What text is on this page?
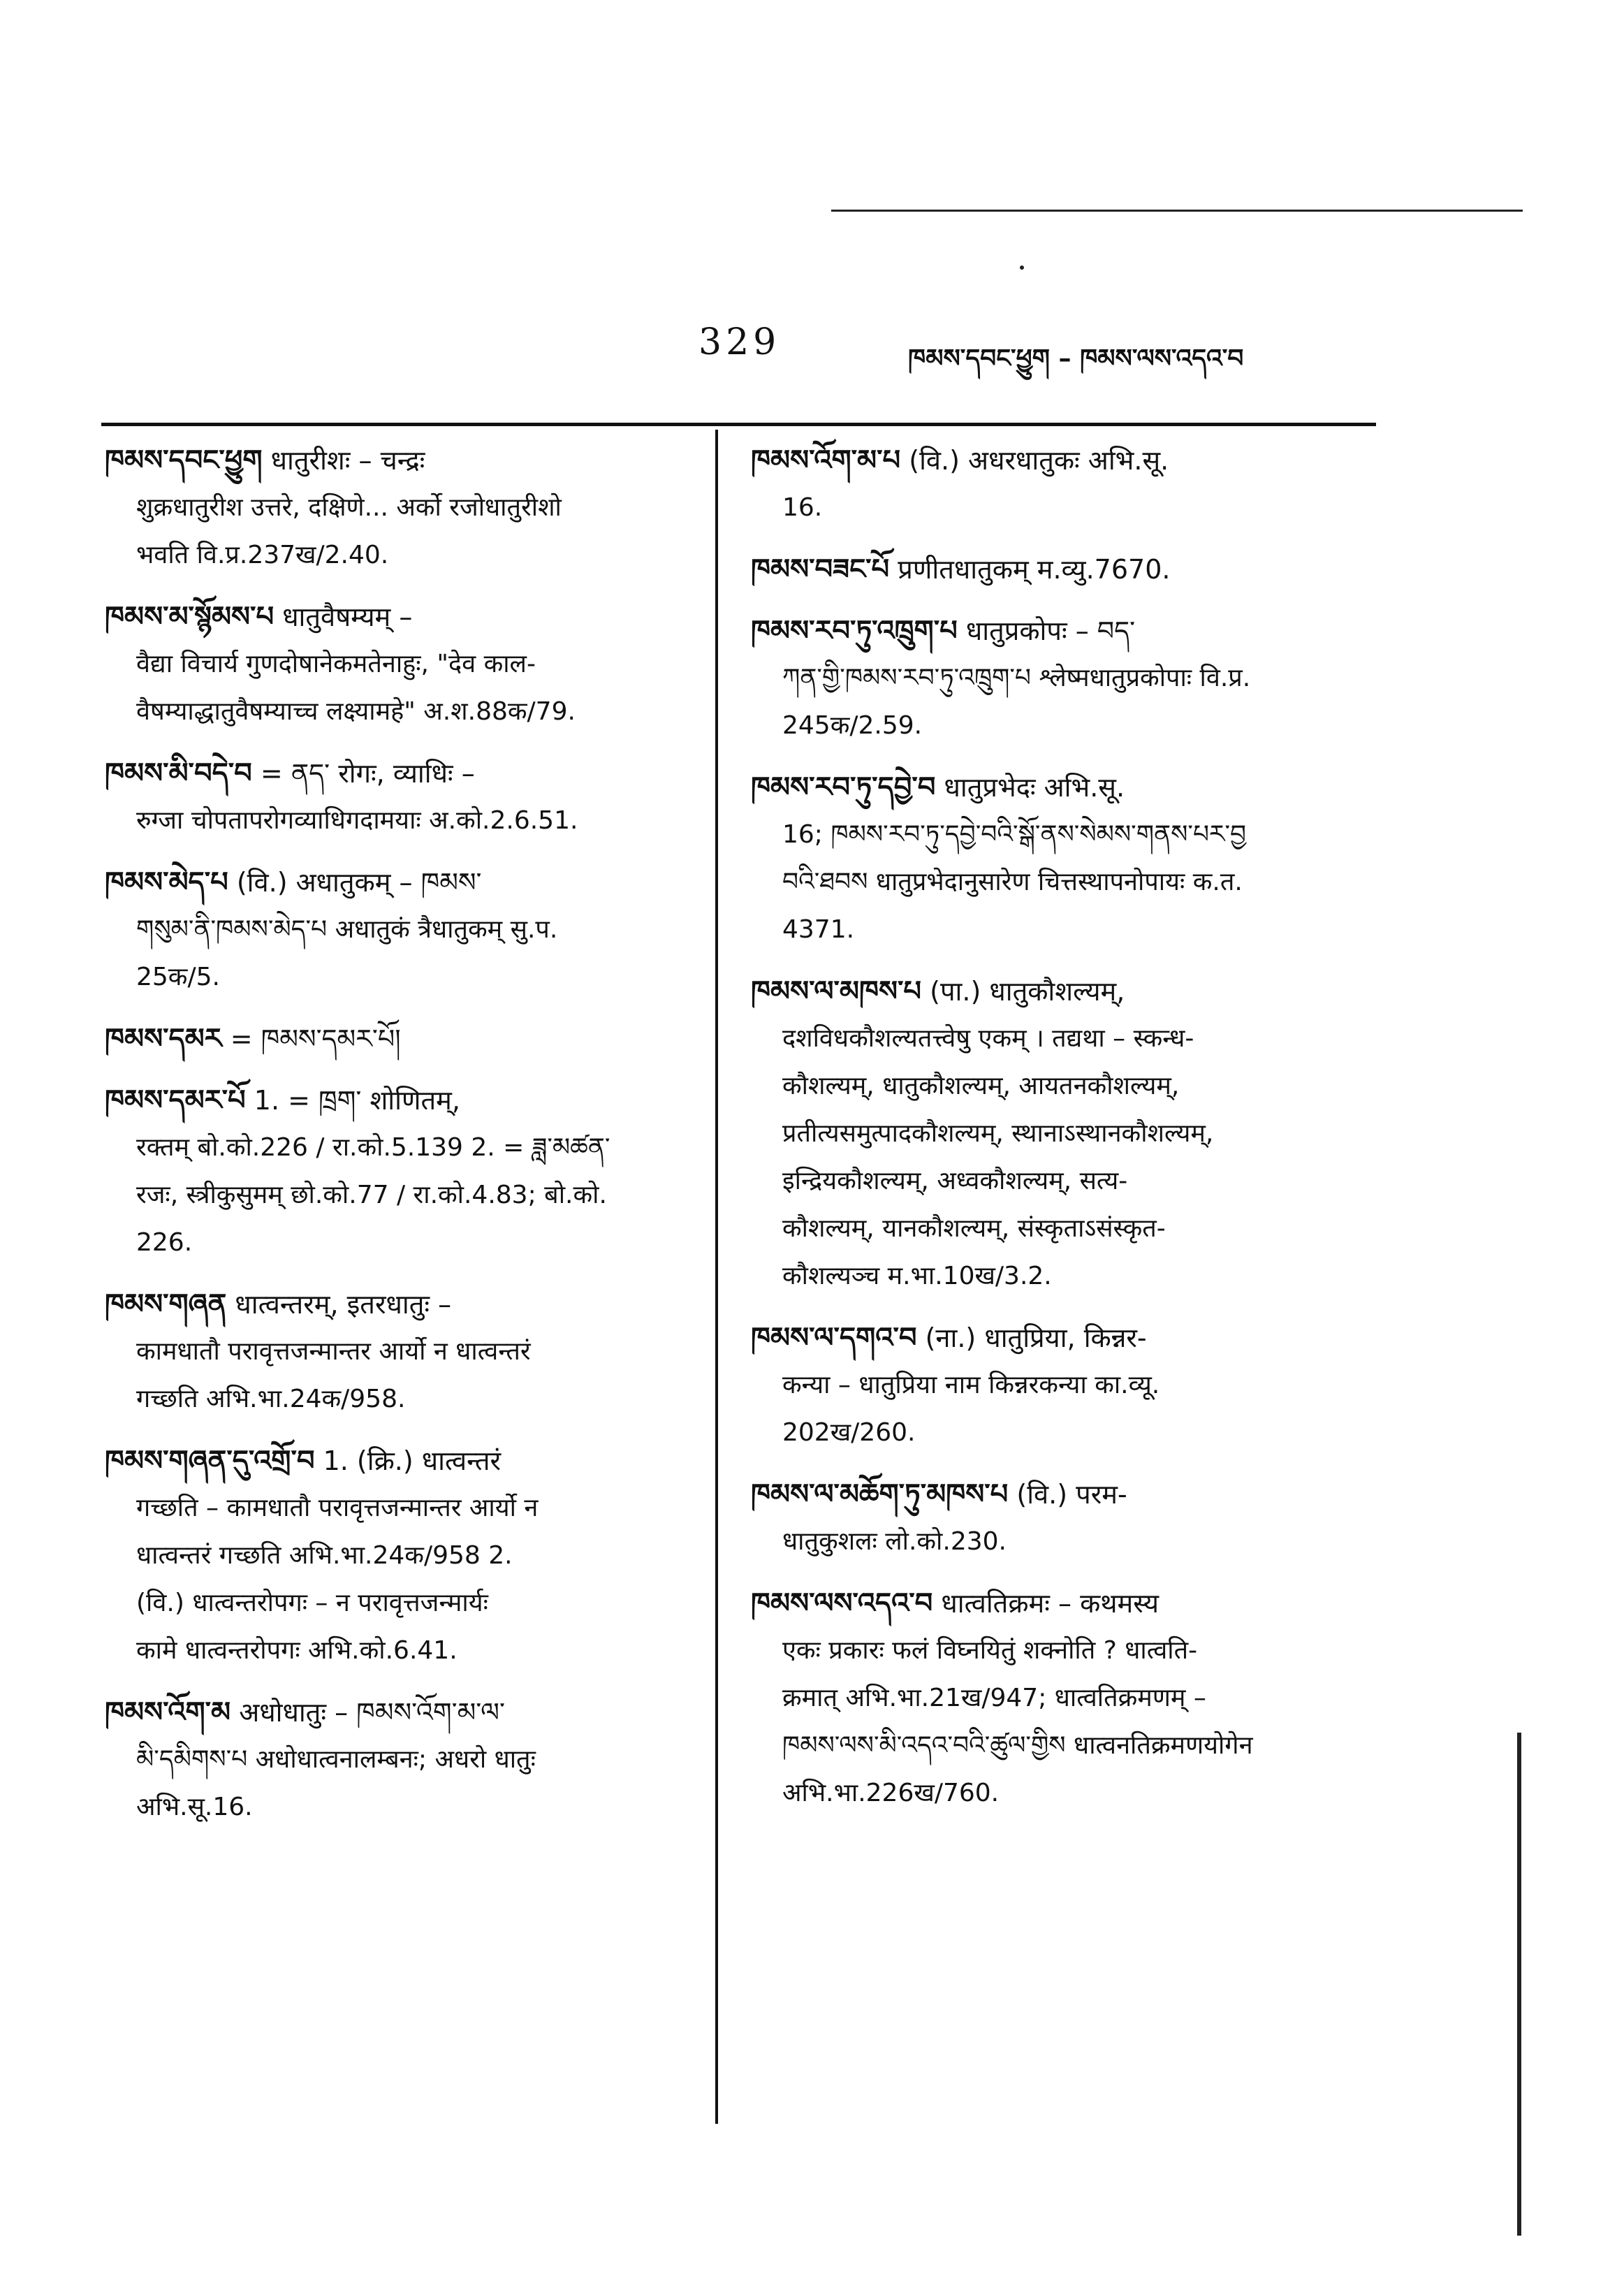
329	ཁམས་དབང་ཕྱུག – ཁམས་ལས་འདའ་བ
ཁམས་དབང་ཕྱུག धातुरीशः – चन्द्रः
शुक्रधातुरीश उत्तरे, दक्षिणे... अर्को रजोधातुरीशो
भवति वि.प्र.237ख/2.40.
ཁམས་མ་སྙོམས་པ धातुवैषम्यम् –
वैद्या विचार्य गुणदोषानेकमतेनाहुः, "देव काल-
वैषम्याद्धातुवैषम्याच्च लक्ष्यामहे" अ.श.88क/79.
ཁམས་མི་བདེ་བ = ནད་ रोगः, व्याधिः –
रुग्जा चोपतापरोगव्याधिगदामयाः अ.को.2.6.51.
ཁམས་མེད་པ (वि.) अधातुकम् – ཁམས་
གསུམ་ནི་ཁམས་མེད་པ अधातुकं त्रैधातुकम् सु.प.
25क/5.
ཁམས་དམར = ཁམས་དམར་པོ།
ཁམས་དམར་པོ 1. = ཁྲག་ शोणितम्,
रक्तम् बो.को.226 / रा.को.5.139 2. = ཟླ་མཚན་
रजः, स्त्रीकुसुमम् छो.को.77 / रा.को.4.83; बो.को.
226.
ཁམས་གཞན धात्वन्तरम्, इतरधातुः –
कामधातौ परावृत्तजन्मान्तर आर्यो न धात्वन्तरं
गच्छति अभि.भा.24क/958.
ཁམས་གཞན་དུ་འགྲོ་བ 1. (क्रि.) धात्वन्तरं
गच्छति – कामधातौ परावृत्तजन्मान्तर आर्यो न
धात्वन्तरं गच्छति अभि.भा.24क/958 2.
(वि.) धात्वन्तरोपगः – न परावृत्तजन्मार्यः
कामे धात्वन्तरोपगः अभि.को.6.41.
ཁམས་འོག་མ अधोधातुः – ཁམས་འོག་མ་ལ་
མི་དམིགས་པ अधोधात्वनालम्बनः; अधरो धातुः
अभि.सू.16.
ཁམས་འོག་མ་པ (वि.) अधरधातुकः अभि.सू.
16.
ཁམས་བཟང་པོ प्रणीतधातुकम् म.व्यु.7670.
ཁམས་རབ་ཏུ་འཁྲུག་པ धातुप्रकोपः – བད་
ཀན་གྱི་ཁམས་རབ་ཏུ་འཁྲུག་པ श्लेष्मधातुप्रकोपाः वि.प्र.
245क/2.59.
ཁམས་རབ་ཏུ་དབྱེ་བ धातुप्रभेदः अभि.सू.
16; ཁམས་རབ་ཏུ་དབྱེ་བའི་སྒོ་ནས་སེམས་གནས་པར་བྱ
བའི་ཐབས धातुप्रभेदानुसारेण चित्तस्थापनोपायः क.त.
4371.
ཁམས་ལ་མཁས་པ (पा.) धातुकौशल्यम्,
दशविधकौशल्यतत्त्वेषु एकम् । तद्यथा – स्कन्ध-
कौशल्यम्, धातुकौशल्यम्, आयतनकौशल्यम्,
प्रतीत्यसमुत्पादकौशल्यम्, स्थानाऽस्थानकौशल्यम्,
इन्द्रियकौशल्यम्, अध्वकौशल्यम्, सत्य-
कौशल्यम्, यानकौशल्यम्, संस्कृताऽसंस्कृत-
कौशल्यञ्च म.भा.10ख/3.2.
ཁམས་ལ་དགའ་བ (ना.) धातुप्रिया, किन्नर-
कन्या – धातुप्रिया नाम किन्नरकन्या का.व्यू.
202ख/260.
ཁམས་ལ་མཆོག་ཏུ་མཁས་པ (वि.) परम-
धातुकुशलः लो.को.230.
ཁམས་ལས་འདའ་བ धात्वतिक्रमः – कथमस्य
एकः प्रकारः फलं विघ्नयितुं शक्नोति ? धात्वति-
क्रमात् अभि.भा.21ख/947; धात्वतिक्रमणम् –
ཁམས་ལས་མི་འདའ་བའི་ཚུལ་གྱིས धात्वनतिक्रमणयोगेन
अभि.भा.226ख/760.
